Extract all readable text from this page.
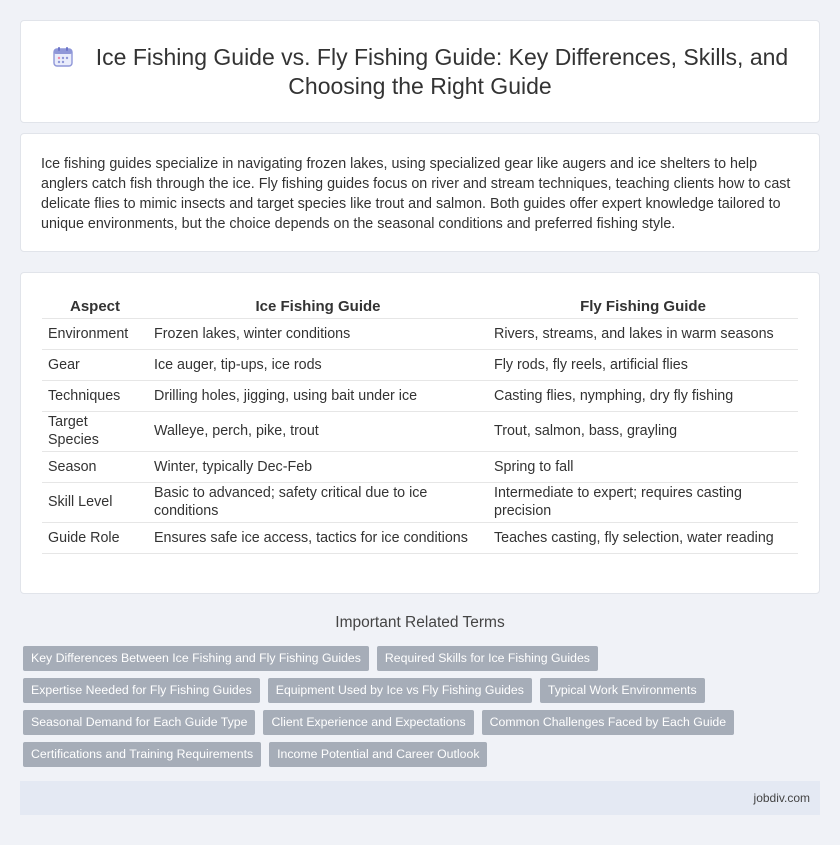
Ice Fishing Guide vs. Fly Fishing Guide: Key Differences, Skills, and Choosing the Right Guide

Ice fishing guides specialize in navigating frozen lakes, using specialized gear like augers and ice shelters to help anglers catch fish through the ice. Fly fishing guides focus on river and stream techniques, teaching clients how to cast delicate flies to mimic insects and target species like trout and salmon. Both guides offer expert knowledge tailored to unique environments, but the choice depends on the seasonal conditions and preferred fishing style.

Aspect	Ice Fishing Guide	Fly Fishing Guide
Environment	Frozen lakes, winter conditions	Rivers, streams, and lakes in warm seasons
Gear	Ice auger, tip-ups, ice rods	Fly rods, fly reels, artificial flies
Techniques	Drilling holes, jigging, using bait under ice	Casting flies, nymphing, dry fly fishing
Target Species	Walleye, perch, pike, trout	Trout, salmon, bass, grayling
Season	Winter, typically Dec-Feb	Spring to fall
Skill Level	Basic to advanced; safety critical due to ice conditions	Intermediate to expert; requires casting precision
Guide Role	Ensures safe ice access, tactics for ice conditions	Teaches casting, fly selection, water reading
Important Related Terms
Key Differences Between Ice Fishing and Fly Fishing Guides	Required Skills for Ice Fishing Guides
Expertise Needed for Fly Fishing Guides	Equipment Used by Ice vs Fly Fishing Guides	Typical Work Environments
Seasonal Demand for Each Guide Type	Client Experience and Expectations	Common Challenges Faced by Each Guide
Certifications and Training Requirements	Income Potential and Career Outlook
jobdiv.com
